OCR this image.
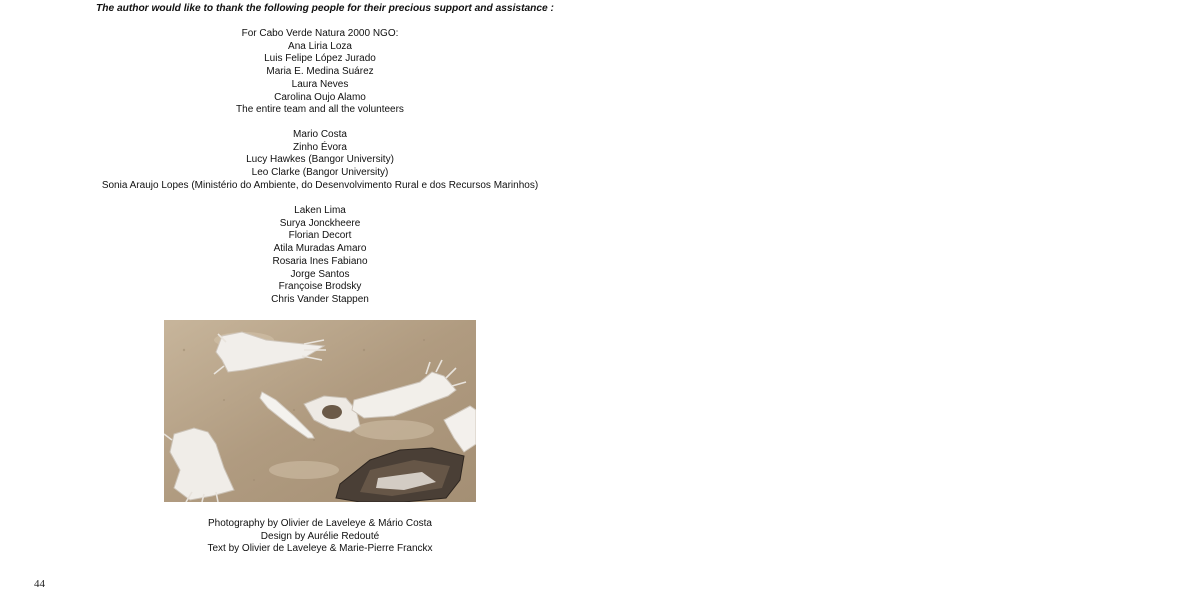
The author would like to thank the following people for their precious support and assistance :
For Cabo Verde Natura 2000 NGO:
Ana Liria Loza
Luis Felipe López Jurado
Maria E. Medina Suárez
Laura Neves
Carolina Oujo Alamo
The entire team and all the volunteers
Mario Costa
Zinho Évora
Lucy Hawkes (Bangor University)
Leo Clarke (Bangor University)
Sonia Araujo Lopes (Ministério do Ambiente, do Desenvolvimento Rural e dos Recursos Marinhos)
Laken Lima
Surya Jonckheere
Florian Decort
Atila Muradas Amaro
Rosaria Ines Fabiano
Jorge Santos
Françoise Brodsky
Chris Vander Stappen
Photography by Olivier de Laveleye & Mário Costa
Design by Aurélie Redouté
Text by Olivier de Laveleye & Marie-Pierre Franckx
44
